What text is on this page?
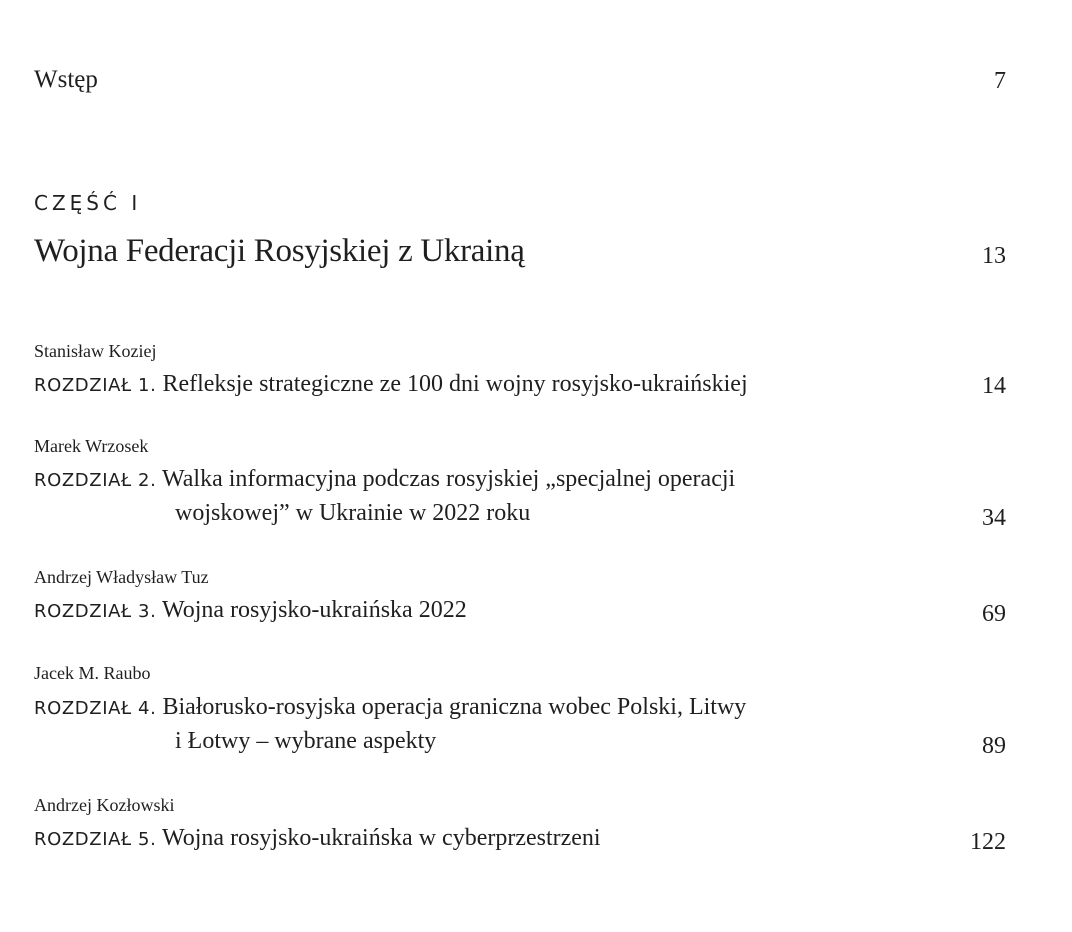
Wstęp	7
CZĘŚĆ I
Wojna Federacji Rosyjskiej z Ukrainą	13
Stanisław Koziej
ROZDZIAŁ 1. Refleksje strategiczne ze 100 dni wojny rosyjsko-ukraińskiej	14
Marek Wrzosek
ROZDZIAŁ 2. Walka informacyjna podczas rosyjskiej „specjalnej operacji
wojskowej” w Ukrainie w 2022 roku	34
Andrzej Władysław Tuz
ROZDZIAŁ 3. Wojna rosyjsko-ukraińska 2022	69
Jacek M. Raubo
ROZDZIAŁ 4. Białorusko-rosyjska operacja graniczna wobec Polski, Litwy
i Łotwy – wybrane aspekty	89
Andrzej Kozłowski
ROZDZIAŁ 5. Wojna rosyjsko-ukraińska w cyberprzestrzeni	122
